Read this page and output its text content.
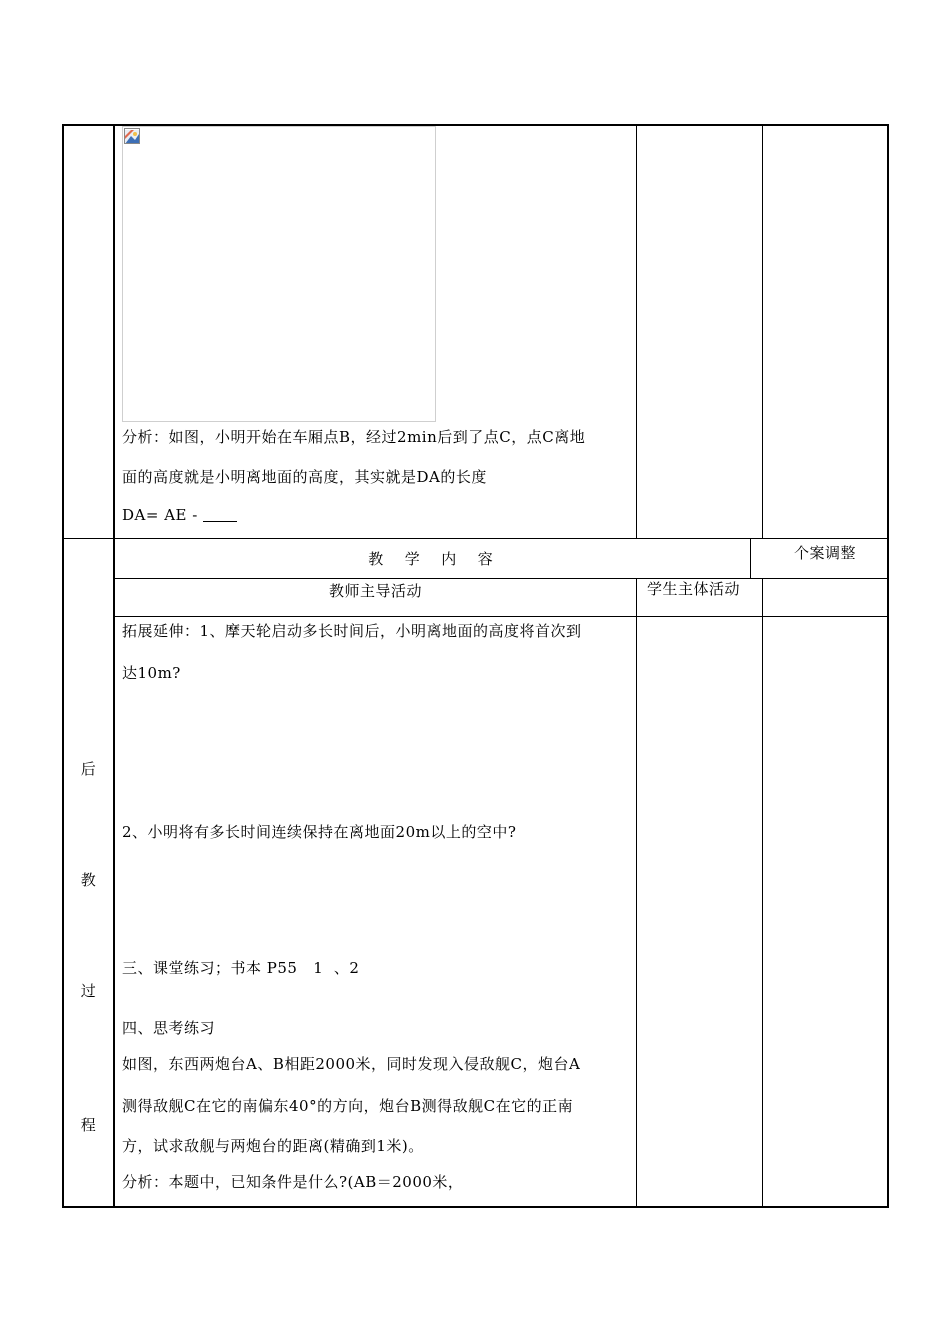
分析：如图，小明开始在车厢点B，经过2min后到了点C，点C离地
面的高度就是小明离地面的高度，其实就是DA的长度
DA= AE -
后
教
过
程
教  学  内  容	个案调整
教师主导活动	学生主体活动
拓展延伸：1、摩天轮启动多长时间后，小明离地面的高度将首次到
达10m?
2、小明将有多长时间连续保持在离地面20m以上的空中?
三、课堂练习；书本 P55   1  、2
四、思考练习
如图，东西两炮台A、B相距2000米，同时发现入侵敌舰C，炮台A
测得敌舰C在它的南偏东40°的方向，炮台B测得敌舰C在它的正南
方，试求敌舰与两炮台的距离(精确到1米)。
分析：本题中，已知条件是什么?(AB＝2000米，
